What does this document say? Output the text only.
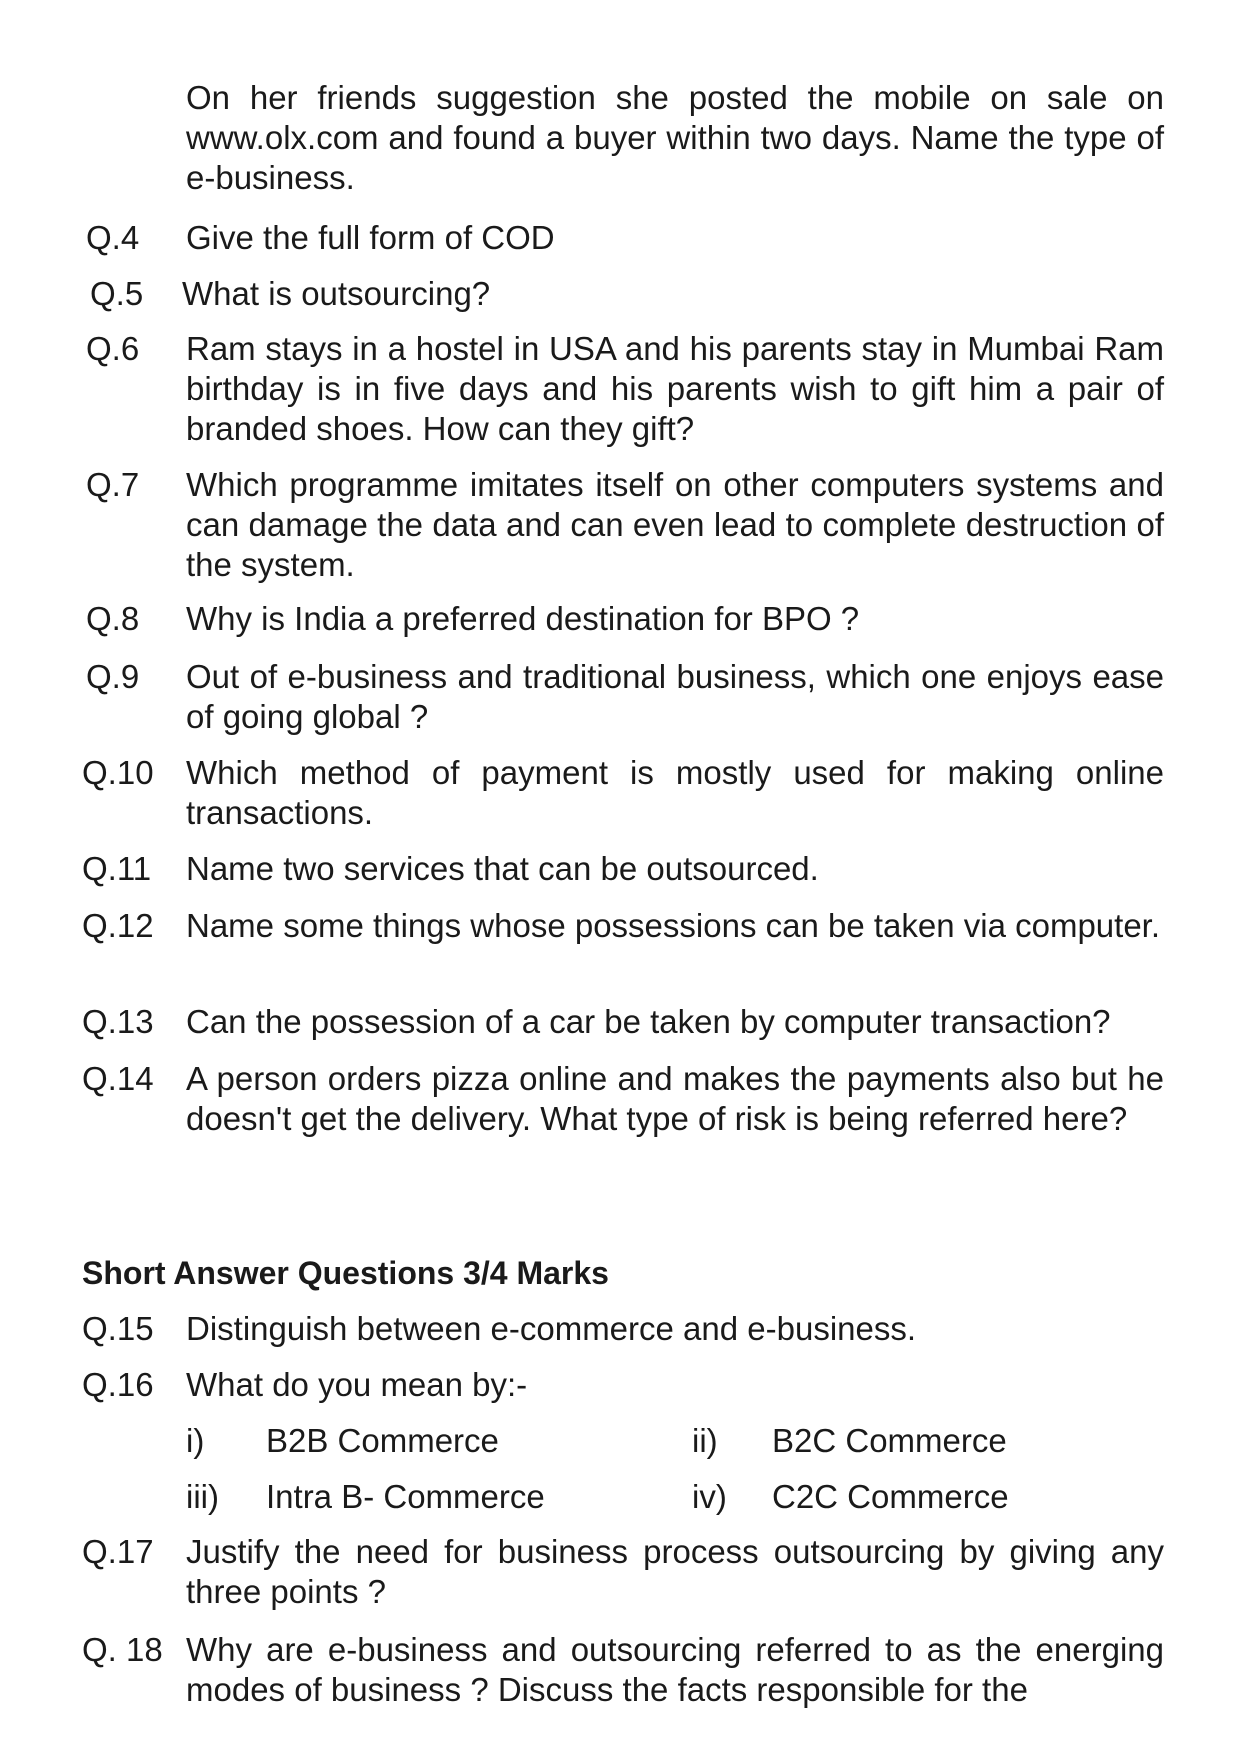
On her friends suggestion she posted the mobile on sale on www.olx.com and found a buyer within two days. Name the type of e-business.
Q.4 Give the full form of COD
Q.5 What is outsourcing?
Q.6 Ram stays in a hostel in USA and his parents stay in Mumbai Ram birthday is in five days and his parents wish to gift him a pair of branded shoes. How can they gift?
Q.7 Which programme imitates itself on other computers systems and can damage the data and can even lead to complete destruction of the system.
Q.8 Why is India a preferred destination for BPO ?
Q.9 Out of e-business and traditional business, which one enjoys ease of going global ?
Q.10 Which method of payment is mostly used for making online transactions.
Q.11 Name two services that can be outsourced.
Q.12 Name some things whose possessions can be taken via computer.
Q.13 Can the possession of a car be taken by computer transaction?
Q.14 A person orders pizza online and makes the payments also but he doesn't get the delivery. What type of risk is being referred here?
Short Answer Questions 3/4 Marks
Q.15 Distinguish between e-commerce and e-business.
Q.16 What do you mean by:-
i) B2B Commerce	ii) B2C Commerce
iii) Intra B- Commerce	iv) C2C Commerce
Q.17 Justify the need for business process outsourcing by giving any three points ?
Q. 18 Why are e-business and outsourcing referred to as the energing modes of business ? Discuss the facts responsible for the
